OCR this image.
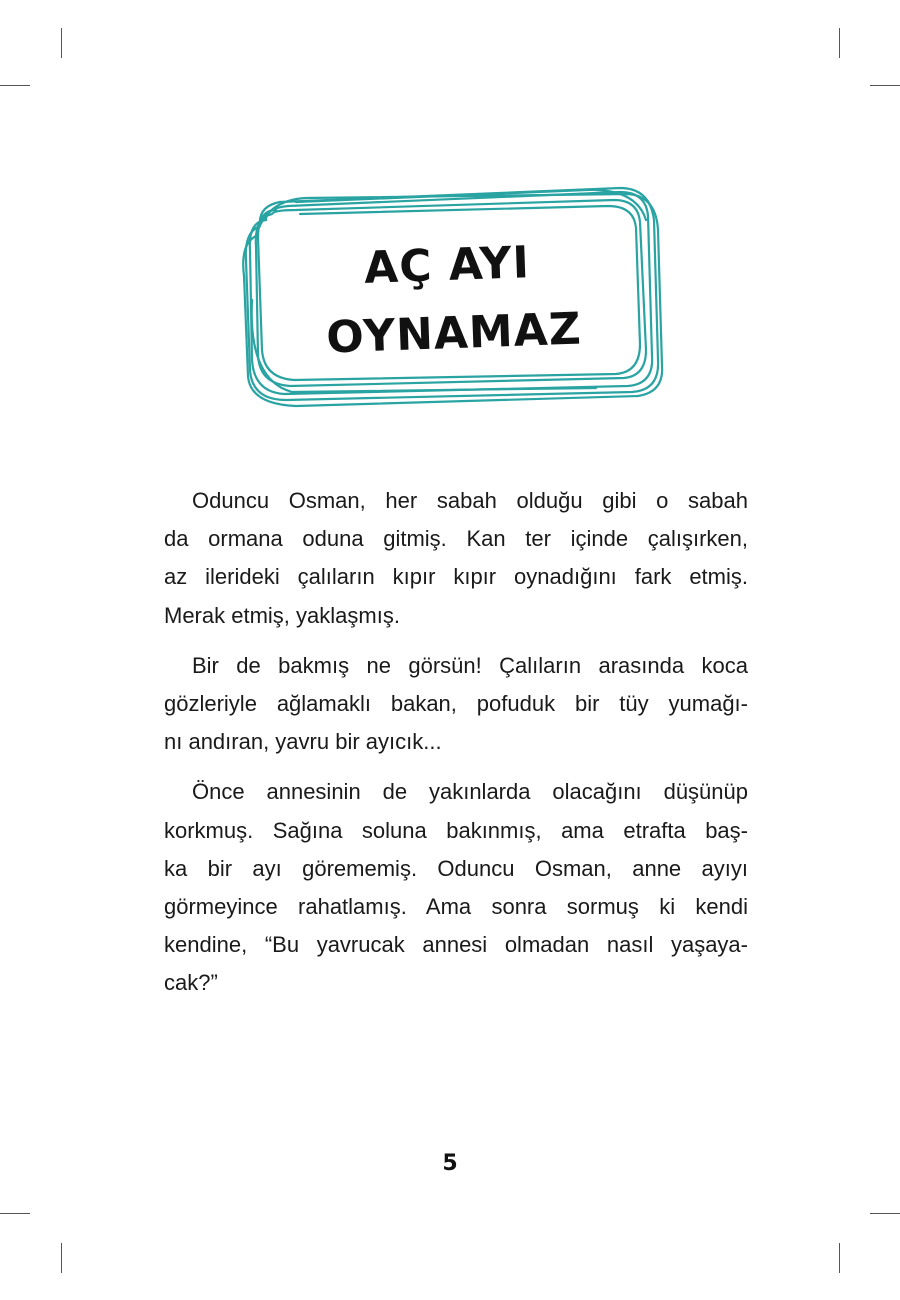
AÇ AYI
OYNAMAZ
Oduncu Osman, her sabah olduğu gibi o sabah
da ormana oduna gitmiş. Kan ter içinde çalışırken,
az ilerideki çalıların kıpır kıpır oynadığını fark etmiş.
Merak etmiş, yaklaşmış.
Bir de bakmış ne görsün! Çalıların arasında koca
gözleriyle ağlamaklı bakan, pofuduk bir tüy yumağı-
nı andıran, yavru bir ayıcık...
Önce annesinin de yakınlarda olacağını düşünüp
korkmuş. Sağına soluna bakınmış, ama etrafta baş-
ka bir ayı görememiş. Oduncu Osman, anne ayıyı
görmeyince rahatlamış. Ama sonra sormuş ki kendi
kendine, “Bu yavrucak annesi olmadan nasıl yaşaya-
cak?”
5
